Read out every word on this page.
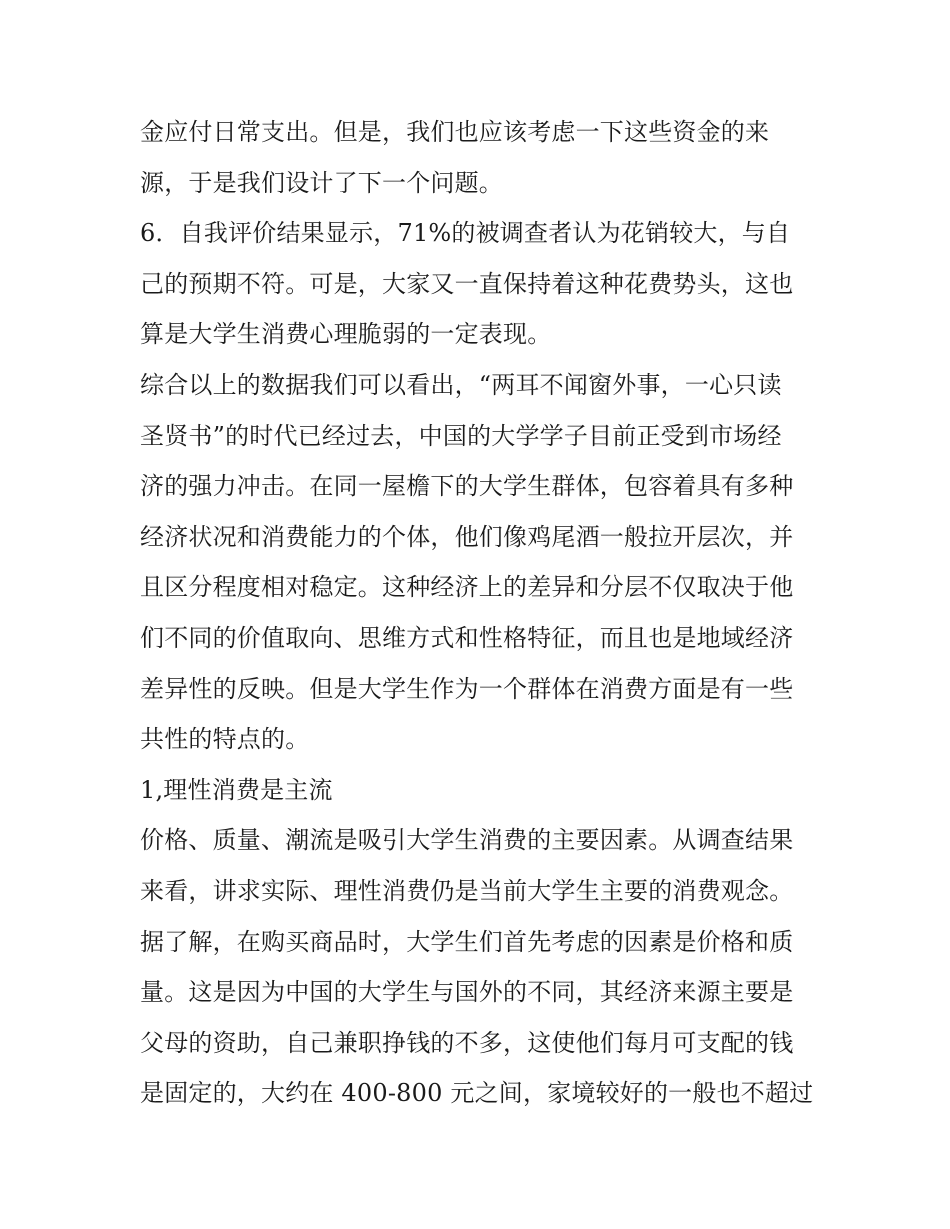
金应付日常支出。但是，我们也应该考虑一下这些资金的来
源，于是我们设计了下一个问题。
6．自我评价结果显示，71%的被调查者认为花销较大，与自
己的预期不符。可是，大家又一直保持着这种花费势头，这也
算是大学生消费心理脆弱的一定表现。
综合以上的数据我们可以看出，“两耳不闻窗外事，一心只读
圣贤书”的时代已经过去，中国的大学学子目前正受到市场经
济的强力冲击。在同一屋檐下的大学生群体，包容着具有多种
经济状况和消费能力的个体，他们像鸡尾酒一般拉开层次，并
且区分程度相对稳定。这种经济上的差异和分层不仅取决于他
们不同的价值取向、思维方式和性格特征，而且也是地域经济
差异性的反映。但是大学生作为一个群体在消费方面是有一些
共性的特点的。
1,理性消费是主流
价格、质量、潮流是吸引大学生消费的主要因素。从调查结果
来看，讲求实际、理性消费仍是当前大学生主要的消费观念。
据了解，在购买商品时，大学生们首先考虑的因素是价格和质
量。这是因为中国的大学生与国外的不同，其经济来源主要是
父母的资助，自己兼职挣钱的不多，这使他们每月可支配的钱
是固定的，大约在 400-800 元之间，家境较好的一般也不超过
